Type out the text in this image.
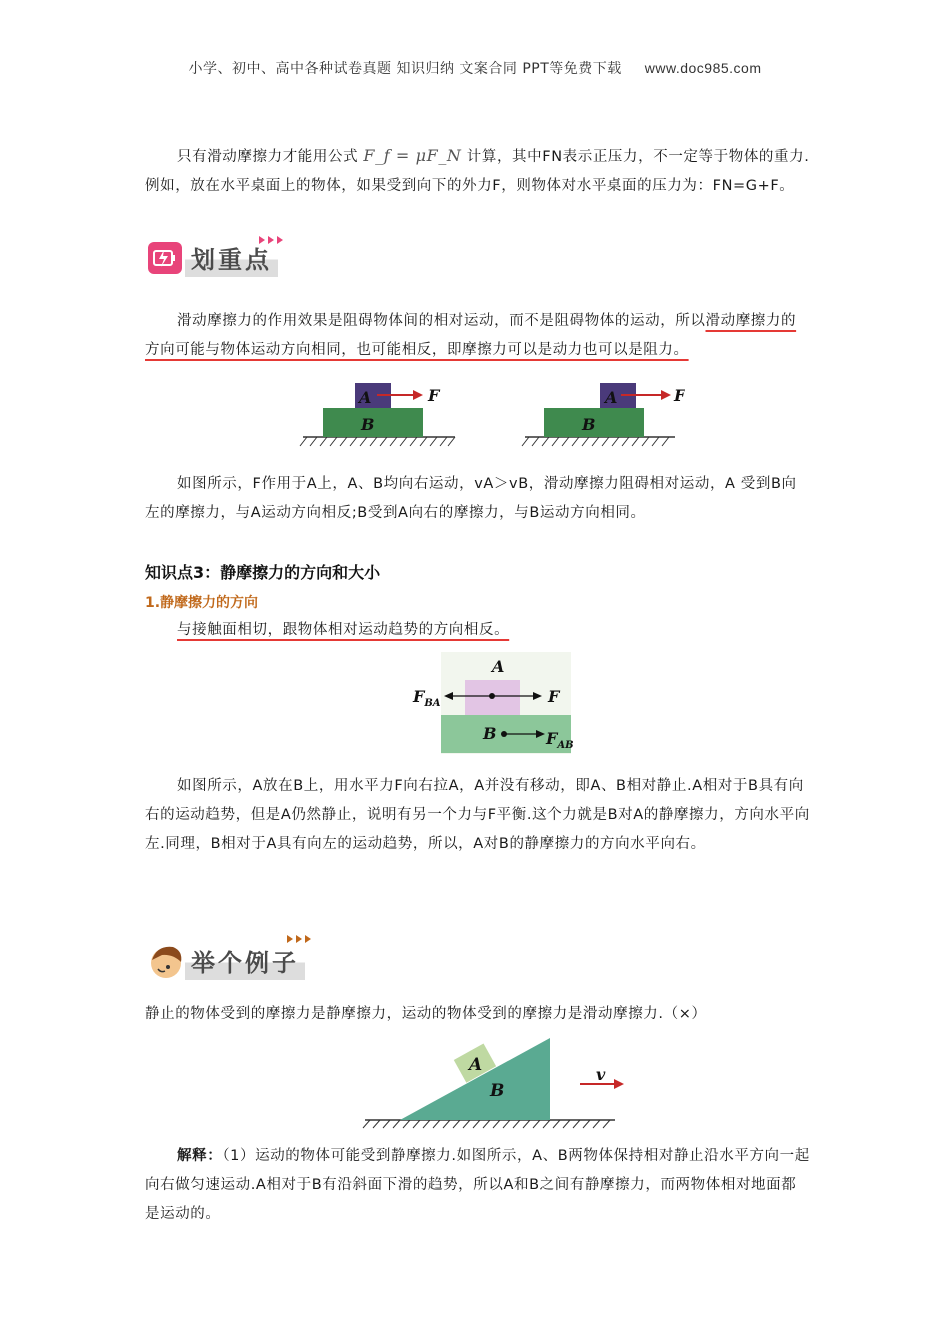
小学、初中、高中各种试卷真题 知识归纳 文案合同 PPT等免费下载 www.doc985.com
只有滑动摩擦力才能用公式 F_f = μF_N 计算，其中FN表示正压力，不一定等于物体的重力.例如，放在水平桌面上的物体，如果受到向下的外力F，则物体对水平桌面的压力为：FN=G+F。
划重点
滑动摩擦力的作用效果是阻碍物体间的相对运动，而不是阻碍物体的运动，所以滑动摩擦力的方向可能与物体运动方向相同，也可能相反，即摩擦力可以是动力也可以是阻力。
A
B
F	A
B
F
如图所示，F作用于A上，A、B均向右运动，vA＞vB，滑动摩擦力阻碍相对运动，A 受到B向左的摩擦力，与A运动方向相反;B受到A向右的摩擦力，与B运动方向相同。
知识点3：静摩擦力的方向和大小
1.静摩擦力的方向
与接触面相切，跟物体相对运动趋势的方向相反。
A
F
$F_{BA}$
B	$F_{AB}$
如图所示，A放在B上，用水平力F向右拉A，A并没有移动，即A、B相对静止.A相对于B具有向右的运动趋势，但是A仍然静止，说明有另一个力与F平衡.这个力就是B对A的静摩擦力，方向水平向左.同理，B相对于A具有向左的运动趋势，所以，A对B的静摩擦力的方向水平向右。
举个例子
静止的物体受到的摩擦力是静摩擦力，运动的物体受到的摩擦力是滑动摩擦力.（×）
A
B
v
解释：（1）运动的物体可能受到静摩擦力.如图所示，A、B两物体保持相对静止沿水平方向一起向右做匀速运动.A相对于B有沿斜面下滑的趋势，所以A和B之间有静摩擦力，而两物体相对地面都是运动的。
